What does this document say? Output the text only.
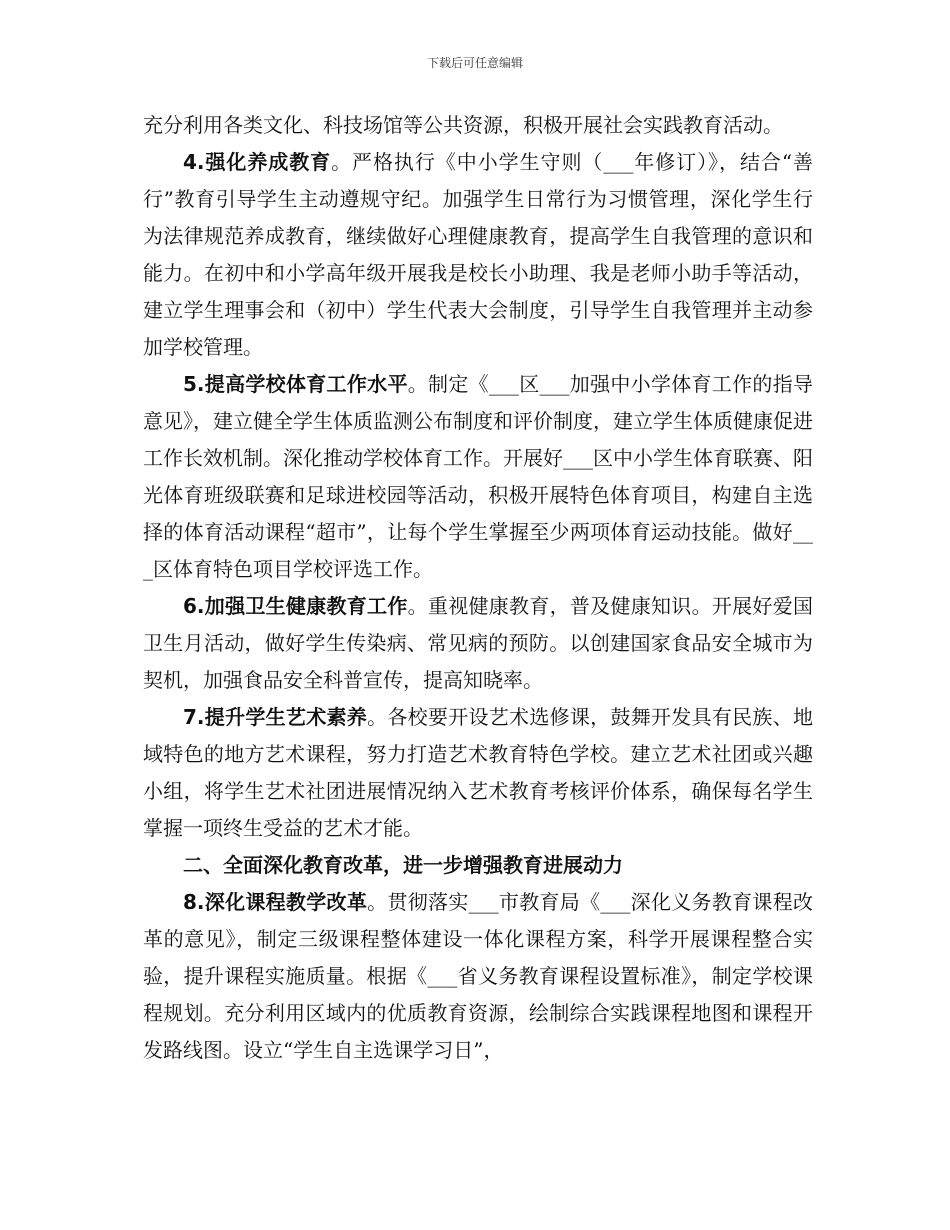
下载后可任意编辑

充分利用各类文化、科技场馆等公共资源，积极开展社会实践教育活动。

4.强化养成教育。严格执行《中小学生守则（___年修订）》，结合“善行”教育引导学生主动遵规守纪。加强学生日常行为习惯管理，深化学生行为法律规范养成教育，继续做好心理健康教育，提高学生自我管理的意识和能力。在初中和小学高年级开展我是校长小助理、我是老师小助手等活动，建立学生理事会和（初中）学生代表大会制度，引导学生自我管理并主动参加学校管理。

5.提高学校体育工作水平。制定《___区___加强中小学体育工作的指导意见》，建立健全学生体质监测公布制度和评价制度，建立学生体质健康促进工作长效机制。深化推动学校体育工作。开展好___区中小学生体育联赛、阳光体育班级联赛和足球进校园等活动，积极开展特色体育项目，构建自主选择的体育活动课程“超市”，让每个学生掌握至少两项体育运动技能。做好___区体育特色项目学校评选工作。

6.加强卫生健康教育工作。重视健康教育，普及健康知识。开展好爱国卫生月活动，做好学生传染病、常见病的预防。以创建国家食品安全城市为契机，加强食品安全科普宣传，提高知晓率。

7.提升学生艺术素养。各校要开设艺术选修课，鼓舞开发具有民族、地域特色的地方艺术课程，努力打造艺术教育特色学校。建立艺术社团或兴趣小组，将学生艺术社团进展情况纳入艺术教育考核评价体系，确保每名学生掌握一项终生受益的艺术才能。

二、全面深化教育改革，进一步增强教育进展动力

8.深化课程教学改革。贯彻落实___市教育局《___深化义务教育课程改革的意见》，制定三级课程整体建设一体化课程方案，科学开展课程整合实验，提升课程实施质量。根据《___省义务教育课程设置标准》，制定学校课程规划。充分利用区域内的优质教育资源，绘制综合实践课程地图和课程开发路线图。设立“学生自主选课学习日”，
